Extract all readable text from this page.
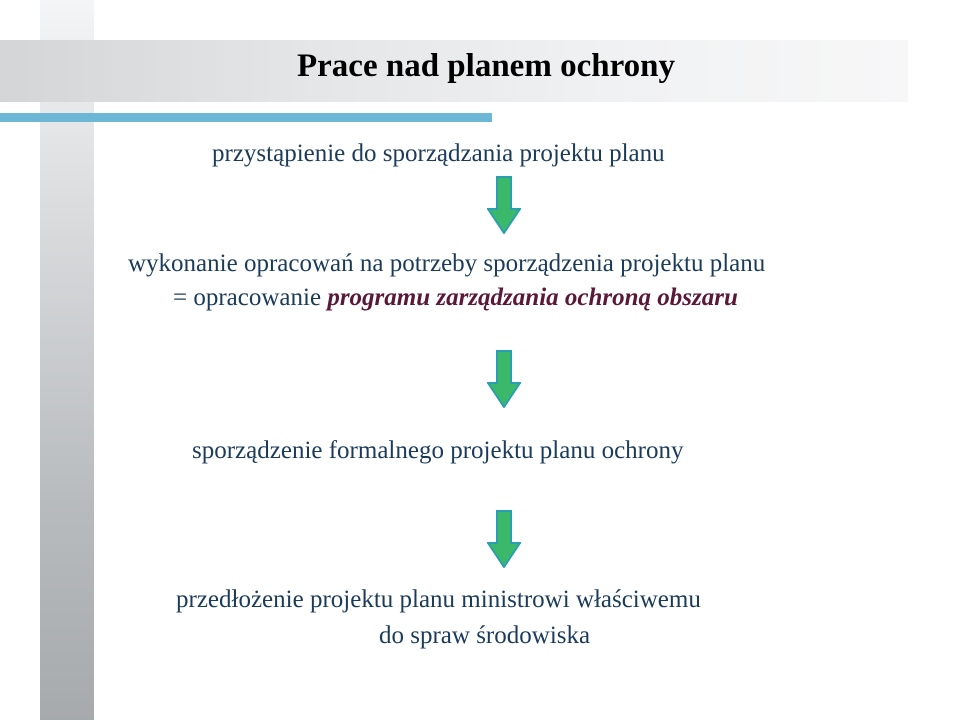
Prace nad planem ochrony

przystąpienie do sporządzania projektu planu

wykonanie opracowań na potrzeby sporządzenia projektu planu

= opracowanie programu zarządzania ochroną obszaru

sporządzenie formalnego projektu planu ochrony

przedłożenie projektu planu ministrowi właściwemu

do spraw środowiska
